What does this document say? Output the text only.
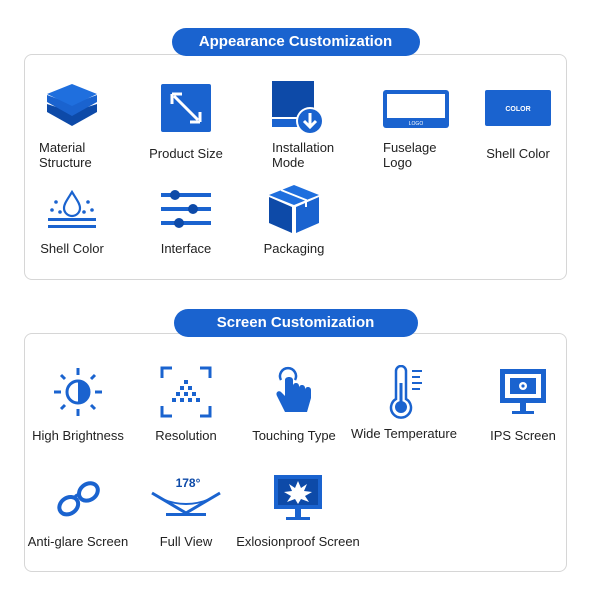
Appearance Customization
Material
Structure
Product Size	Installation
Mode
LOGO
Fuselage
Logo
COLOR
Shell Color
Shell Color	Interface	Packaging
Screen Customization
High Brightness	Resolution	Touching Type	Wide Temperature	IPS Screen
Anti-glare Screen
178°
Full View	Exlosionproof Screen
